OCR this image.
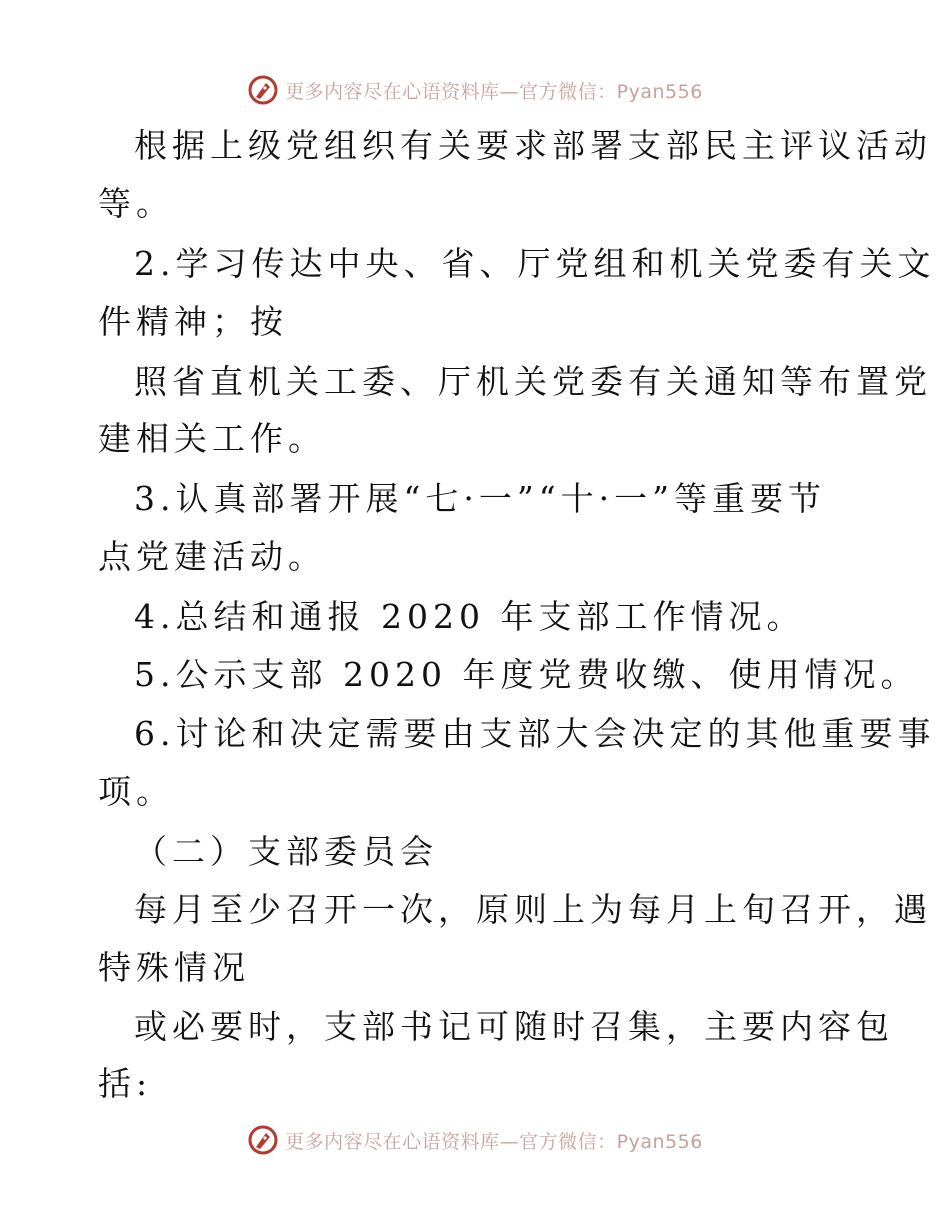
更多内容尽在心语资料库—官方微信：Pyan556
根据上级党组织有关要求部署支部民主评议活动
等。
2.学习传达中央、省、厅党组和机关党委有关文
件精神；按
照省直机关工委、厅机关党委有关通知等布置党
建相关工作。
3.认真部署开展“七·一”“十·一”等重要节
点党建活动。
4.总结和通报 2020 年支部工作情况。
5.公示支部 2020 年度党费收缴、使用情况。
6.讨论和决定需要由支部大会决定的其他重要事
项。
（二）支部委员会
每月至少召开一次，原则上为每月上旬召开，遇
特殊情况
或必要时，支部书记可随时召集，主要内容包
括:
更多内容尽在心语资料库—官方微信：Pyan556
